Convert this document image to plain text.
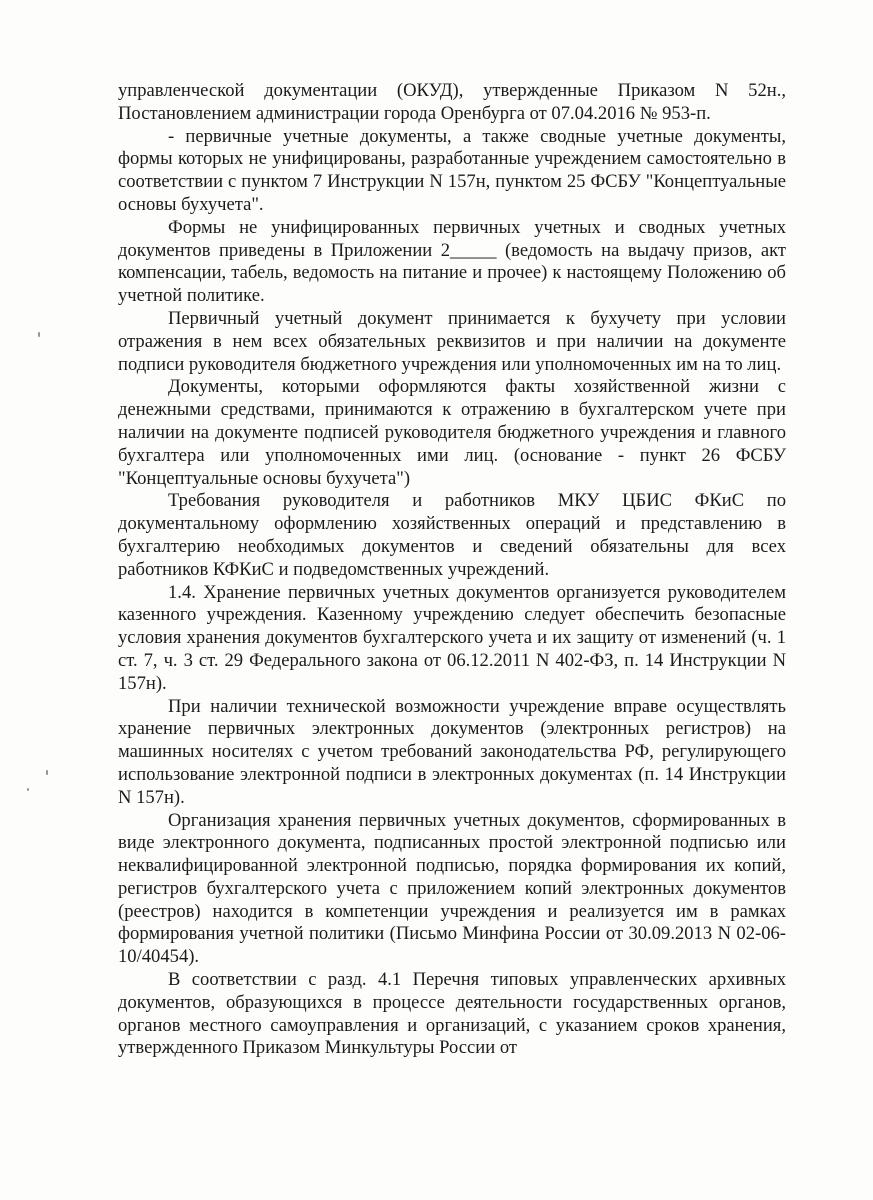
управленческой документации (ОКУД), утвержденные Приказом N 52н., Постановлением администрации города Оренбурга от 07.04.2016 № 953-п.

- первичные учетные документы, а также сводные учетные документы, формы которых не унифицированы, разработанные учреждением самостоятельно в соответствии с пунктом 7 Инструкции N 157н, пунктом 25 ФСБУ "Концептуальные основы бухучета".

Формы не унифицированных первичных учетных и сводных учетных документов приведены в Приложении 2_____ (ведомость на выдачу призов, акт компенсации, табель, ведомость на питание и прочее) к настоящему Положению об учетной политике.

Первичный учетный документ принимается к бухучету при условии отражения в нем всех обязательных реквизитов и при наличии на документе подписи руководителя бюджетного учреждения или уполномоченных им на то лиц.

Документы, которыми оформляются факты хозяйственной жизни с денежными средствами, принимаются к отражению в бухгалтерском учете при наличии на документе подписей руководителя бюджетного учреждения и главного бухгалтера или уполномоченных ими лиц. (основание - пункт 26 ФСБУ "Концептуальные основы бухучета")

Требования руководителя и работников МКУ ЦБИС ФКиС по документальному оформлению хозяйственных операций и представлению в бухгалтерию необходимых документов и сведений обязательны для всех работников КФКиС и подведомственных учреждений.

1.4. Хранение первичных учетных документов организуется руководителем казенного учреждения. Казенному учреждению следует обеспечить безопасные условия хранения документов бухгалтерского учета и их защиту от изменений (ч. 1 ст. 7, ч. 3 ст. 29 Федерального закона от 06.12.2011 N 402-ФЗ, п. 14 Инструкции N 157н).

При наличии технической возможности учреждение вправе осуществлять хранение первичных электронных документов (электронных регистров) на машинных носителях с учетом требований законодательства РФ, регулирующего использование электронной подписи в электронных документах (п. 14 Инструкции N 157н).

Организация хранения первичных учетных документов, сформированных в виде электронного документа, подписанных простой электронной подписью или неквалифицированной электронной подписью, порядка формирования их копий, регистров бухгалтерского учета с приложением копий электронных документов (реестров) находится в компетенции учреждения и реализуется им в рамках формирования учетной политики (Письмо Минфина России от 30.09.2013 N 02-06-10/40454).

В соответствии с разд. 4.1 Перечня типовых управленческих архивных документов, образующихся в процессе деятельности государственных органов, органов местного самоуправления и организаций, с указанием сроков хранения, утвержденного Приказом Минкультуры России от
